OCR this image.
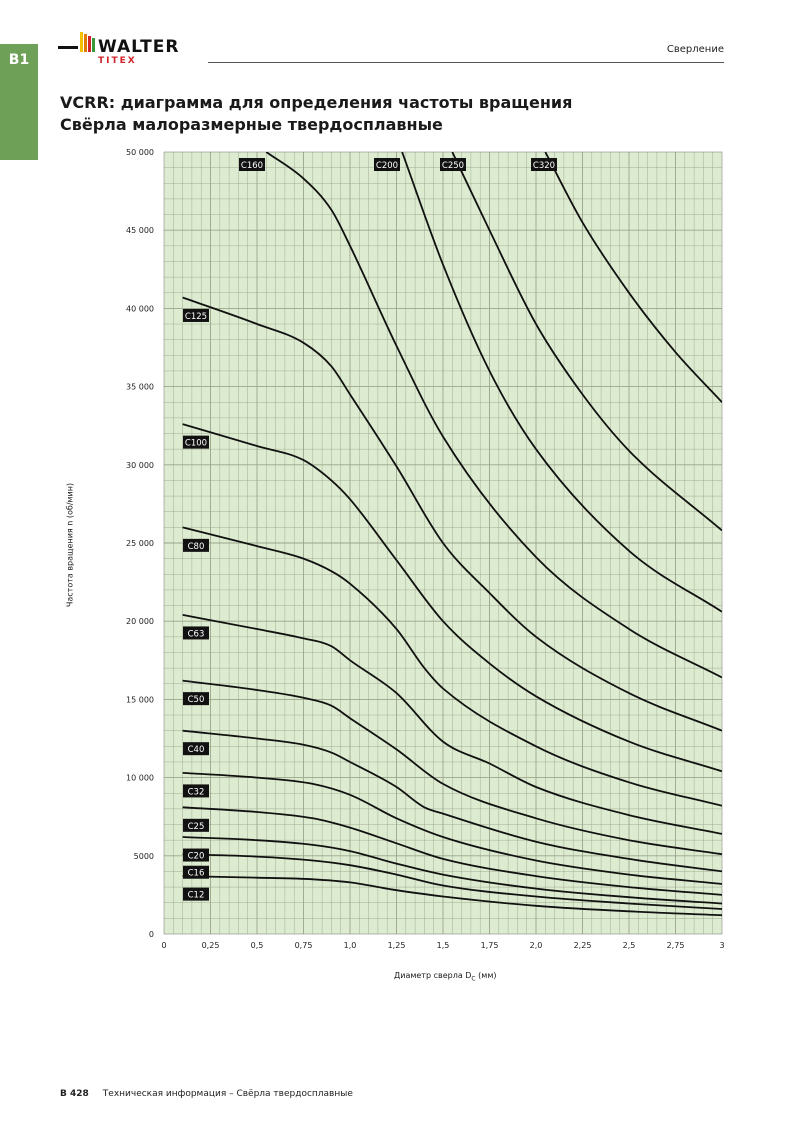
B1
WALTER
TITEX
Сверление
VCRR: диаграмма для определения частоты вращения
Свёрла малоразмерные твердосплавные
0	0,25	0,5	0,75	1,0	1,25	1,5	1,75	2,0	2,25	2,5	2,75	3
0
5000
10 000
15 000
20 000
25 000
30 000
35 000
40 000
45 000
50 000
C12
C16
C20
C25
C32
C40
C50
C63
C80
C100
C125
C160	C200	C250	C320
Частота вращения n (об/мин)
Диаметр сверла $D_C$ (мм)
B 428 Техническая информация – Свёрла твердосплавные
